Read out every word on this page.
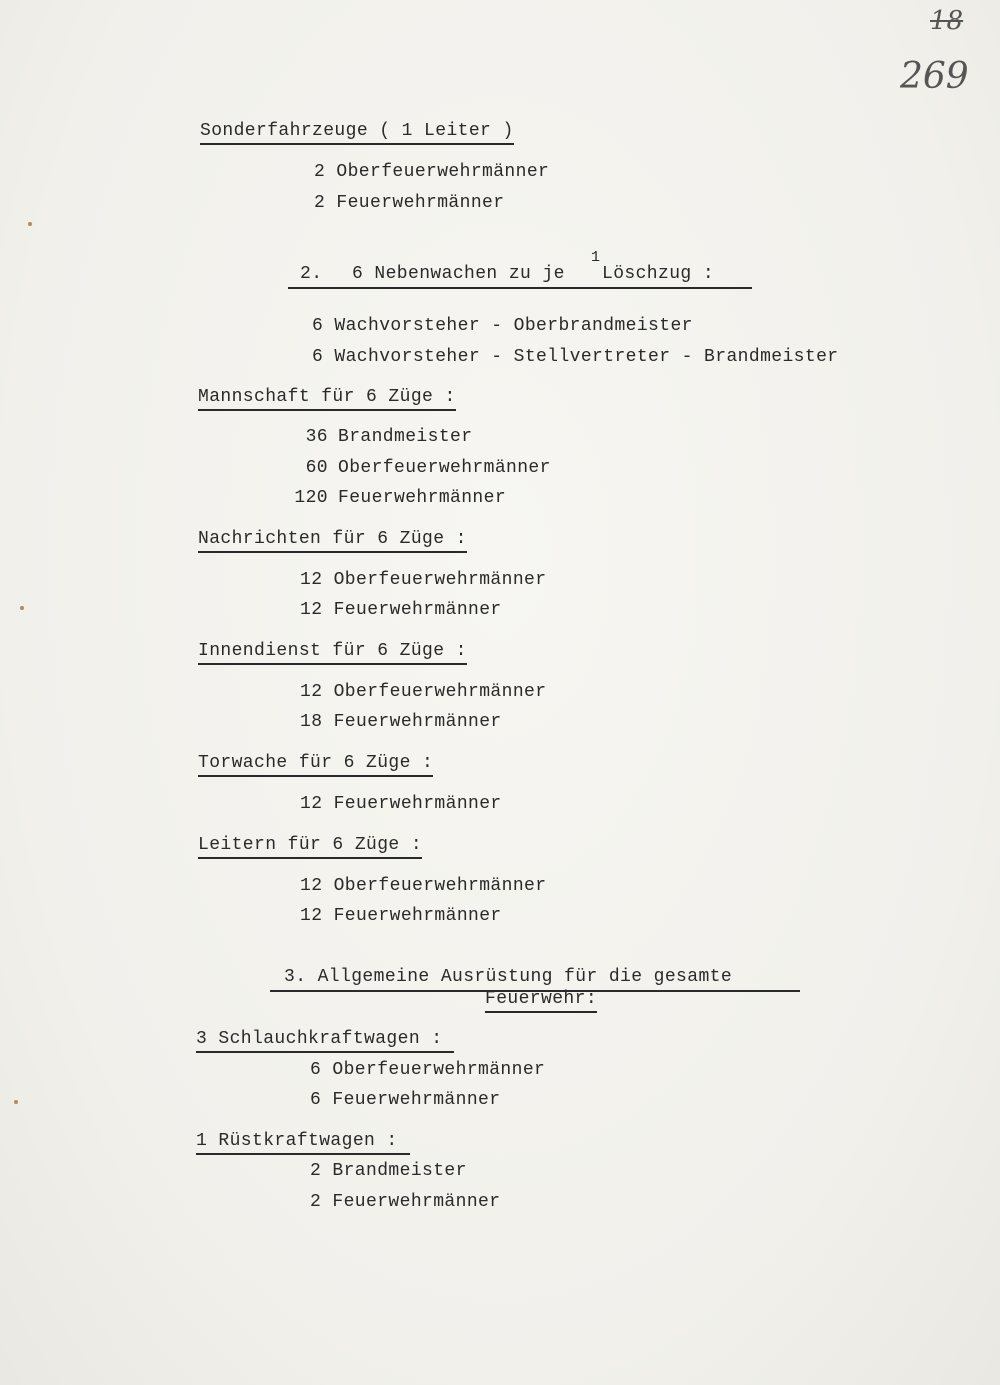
18
269
Sonderfahrzeuge ( 1 Leiter )
2 Oberfeuerwehrmänner
2 Feuerwehrmänner
2. 6 Nebenwachen zu je
1
Löschzug :
6 Wachvorsteher - Oberbrandmeister
6 Wachvorsteher - Stellvertreter - Brandmeister
Mannschaft für 6 Züge :
36 Brandmeister
60 Oberfeuerwehrmänner
120 Feuerwehrmänner
Nachrichten für 6 Züge :
12 Oberfeuerwehrmänner
12 Feuerwehrmänner
Innendienst für 6 Züge :
12 Oberfeuerwehrmänner
18 Feuerwehrmänner
Torwache für 6 Züge :
12 Feuerwehrmänner
Leitern für 6 Züge :
12 Oberfeuerwehrmänner
12 Feuerwehrmänner
3. Allgemeine Ausrüstung für die gesamte
Feuerwehr:
3 Schlauchkraftwagen :
6 Oberfeuerwehrmänner
6 Feuerwehrmänner
1 Rüstkraftwagen :
2 Brandmeister
2 Feuerwehrmänner
